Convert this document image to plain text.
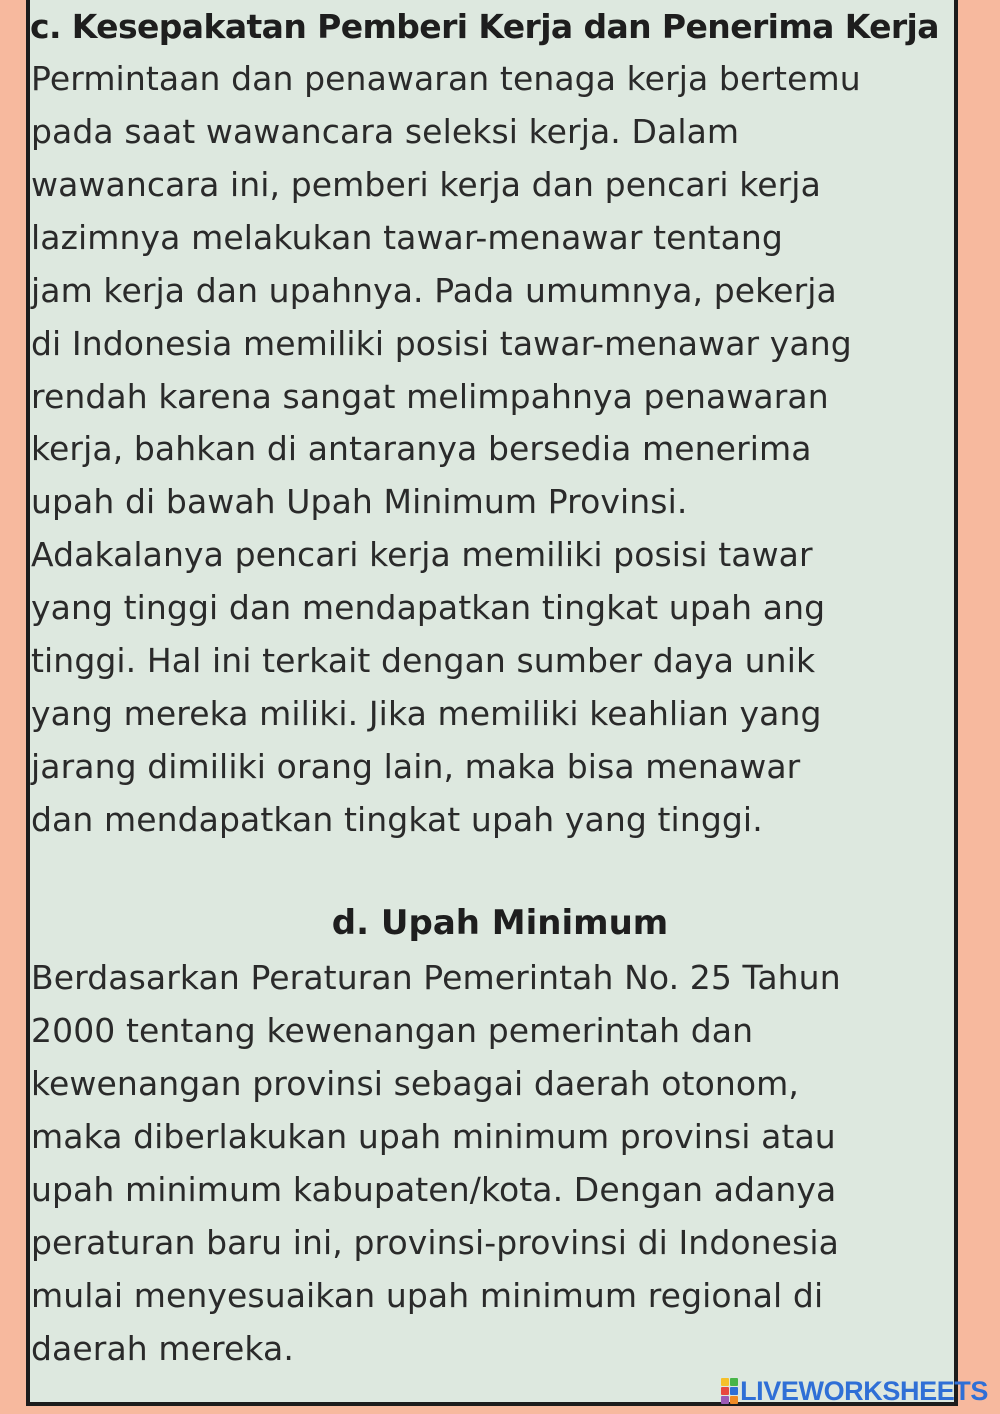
c. Kesepakatan Pemberi Kerja dan Penerima Kerja
Permintaan dan penawaran tenaga kerja bertemu
pada saat wawancara seleksi kerja. Dalam
wawancara ini, pemberi kerja dan pencari kerja
lazimnya melakukan tawar-menawar tentang
jam kerja dan upahnya. Pada umumnya, pekerja
di Indonesia memiliki posisi tawar-menawar yang
rendah karena sangat melimpahnya penawaran
kerja, bahkan di antaranya bersedia menerima
upah di bawah Upah Minimum Provinsi.
Adakalanya pencari kerja memiliki posisi tawar
yang tinggi dan mendapatkan tingkat upah ang
tinggi. Hal ini terkait dengan sumber daya unik
yang mereka miliki. Jika memiliki keahlian yang
jarang dimiliki orang lain, maka bisa menawar
dan mendapatkan tingkat upah yang tinggi.
d. Upah Minimum
Berdasarkan Peraturan Pemerintah No. 25 Tahun
2000 tentang kewenangan pemerintah dan
kewenangan provinsi sebagai daerah otonom,
maka diberlakukan upah minimum provinsi atau
upah minimum kabupaten/kota. Dengan adanya
peraturan baru ini, provinsi-provinsi di Indonesia
mulai menyesuaikan upah minimum regional di
daerah mereka.
LIVEWORKSHEETS
